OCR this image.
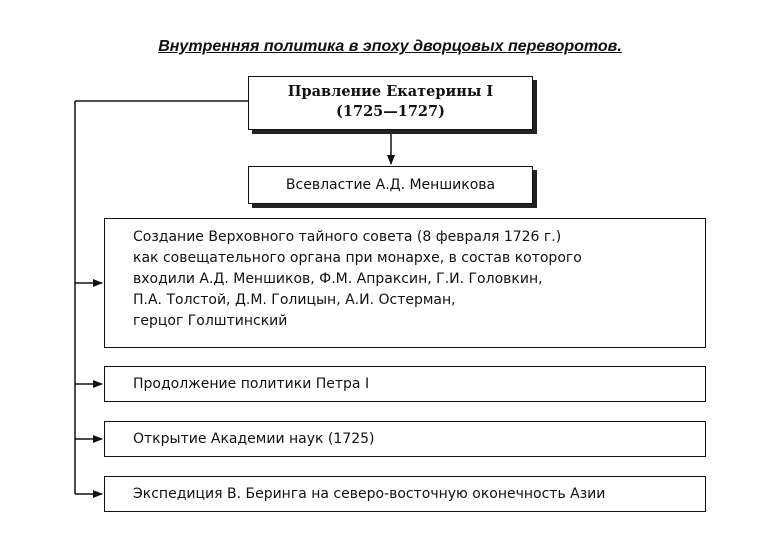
Внутренняя политика в эпоху дворцовых переворотов.
Правление Екатерины I
(1725—1727)
Всевластие А.Д. Меншикова
Создание Верховного тайного совета (8 февраля 1726 г.)
как совещательного органа при монархе, в состав которого
входили А.Д. Меншиков, Ф.М. Апраксин, Г.И. Головкин,
П.А. Толстой, Д.М. Голицын, А.И. Остерман,
герцог Голштинский
Продолжение политики Петра I
Открытие Академии наук (1725)
Экспедиция В. Беринга на северо-восточную оконечность Азии
